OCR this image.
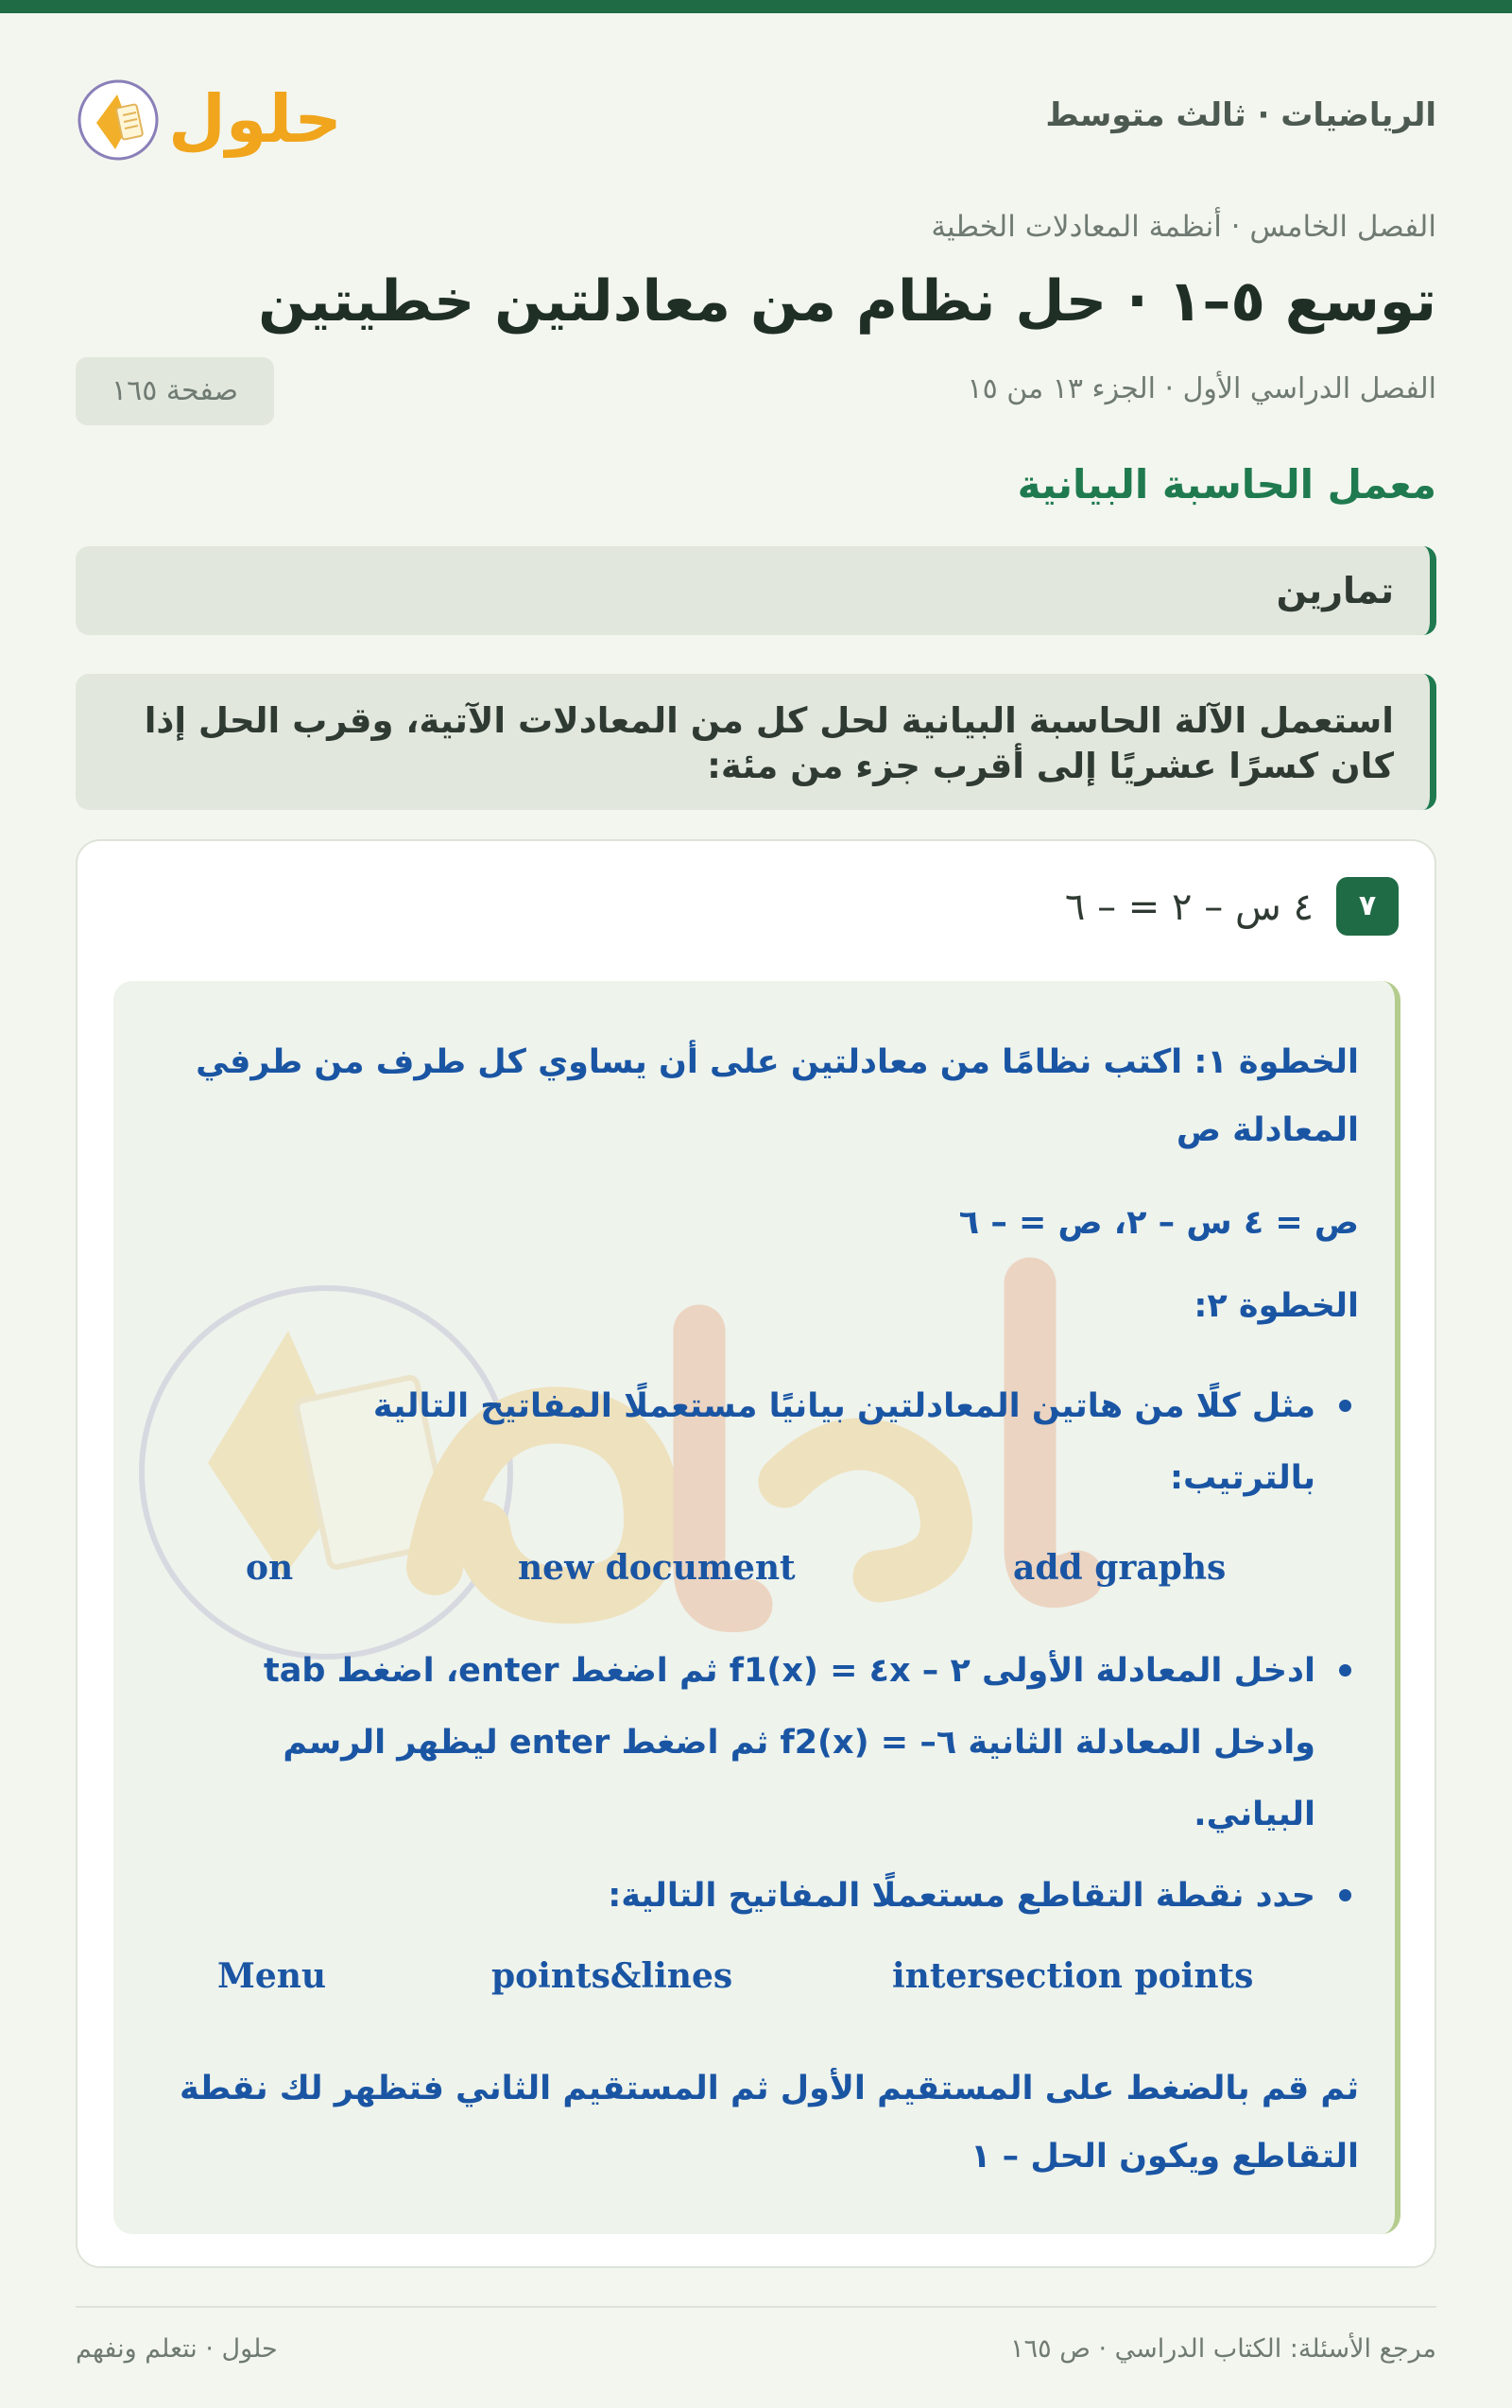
حلول	الرياضيات · ثالث متوسط
الفصل الخامس · أنظمة المعادلات الخطية
توسع ٥–١ · حل نظام من معادلتين خطيتين
الفصل الدراسي الأول · الجزء ١٣ من ١٥
صفحة ١٦٥
معمل الحاسبة البيانية
تمارين
استعمل الآلة الحاسبة البيانية لحل كل من المعادلات الآتية، وقرب الحل إذا كان كسرًا عشريًا إلى أقرب جزء من مئة:
٧
٤ س – ٢ = – ٦
الخطوة ١: اكتب نظامًا من معادلتين على أن يساوي كل طرف من طرفي المعادلة ص
ص = ٤ س – ٢، ص = – ٦
الخطوة ٢:
مثل كلًا من هاتين المعادلتين بيانيًا مستعملًا المفاتيح التالية بالترتيب:
on	new document	add graphs
ادخل المعادلة الأولى f1(x) = ٤x – ٢ ثم اضغط enter، اضغط tab وادخل المعادلة الثانية f2(x) = –٦ ثم اضغط enter ليظهر الرسم البياني.
حدد نقطة التقاطع مستعملًا المفاتيح التالية:
Menu	points&lines	intersection points
ثم قم بالضغط على المستقيم الأول ثم المستقيم الثاني فتظهر لك نقطة التقاطع ويكون الحل – ١
مرجع الأسئلة: الكتاب الدراسي · ص ١٦٥
حلول · نتعلم ونفهم
